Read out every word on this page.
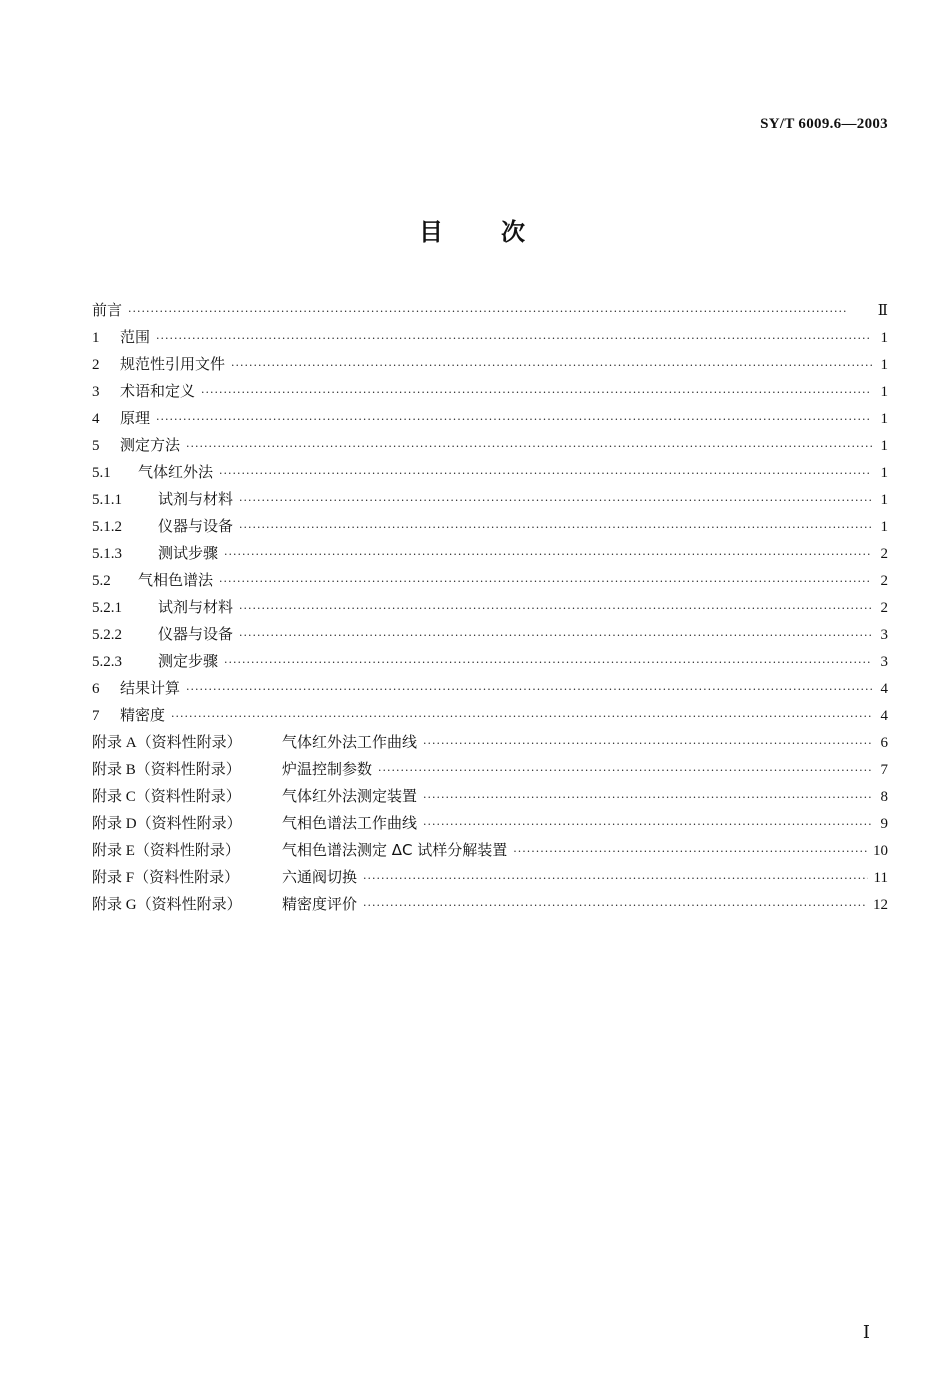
SY/T 6009.6—2003
目次
前言 ·····	Ⅱ
1 范围 ·····	1
2 规范性引用文件 ·····	1
3 术语和定义 ·····	1
4 原理 ·····	1
5 测定方法 ·····	1
5.1 气体红外法 ·····	1
5.1.1 试剂与材料 ·····	1
5.1.2 仪器与设备 ·····	1
5.1.3 测试步骤 ·····	2
5.2 气相色谱法 ·····	2
5.2.1 试剂与材料 ·····	2
5.2.2 仪器与设备 ·····	3
5.2.3 测定步骤 ·····	3
6 结果计算 ·····	4
7 精密度 ·····	4
附录 A（资料性附录）	气体红外法工作曲线 ·····	6
附录 B（资料性附录）	炉温控制参数 ·····	7
附录 C（资料性附录）	气体红外法测定装置 ·····	8
附录 D（资料性附录）	气相色谱法工作曲线 ·····	9
附录 E（资料性附录）	气相色谱法测定 ΔC 试样分解装置 ·····	10
附录 F（资料性附录）	六通阀切换 ·····	11
附录 G（资料性附录）	精密度评价 ·····	12
Ⅰ
